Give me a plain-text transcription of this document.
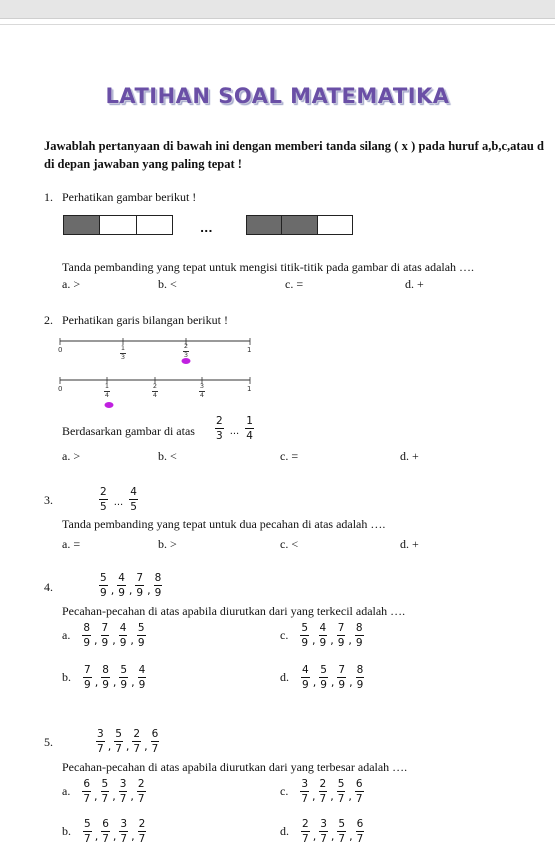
LATIHAN SOAL MATEMATIKA
Jawablah pertanyaan di bawah ini dengan memberi tanda silang ( x ) pada huruf a,b,c,atau d di depan jawaban yang paling tepat !
1. Perhatikan gambar berikut !
...
Tanda pembanding yang tepat untuk mengisi titik-titik pada gambar di atas adalah ….
a. >	b. <	c. =	d. +
2. Perhatikan garis bilangan berikut !
0	1
3
2
3
1
0	1
4
2
4
3
4
1
Berdasarkan gambar di atas $\frac{2}{3}$ ... $\frac{1}{4}$
a. >	b. <	c. =	d. +
3.	$\frac{2}{5}$ ... $\frac{4}{5}$
Tanda pembanding yang tepat untuk dua pecahan di atas adalah ….
a. =	b. >	c. <	d. +
4.	$\frac{5}{9}$ , $\frac{4}{9}$ , $\frac{7}{9}$ , $\frac{8}{9}$
Pecahan-pecahan di atas apabila diurutkan dari yang terkecil adalah ….
a. $\frac{8}{9}$ , $\frac{7}{9}$ , $\frac{4}{9}$ , $\frac{5}{9}$	c. $\frac{5}{9}$ , $\frac{4}{9}$ , $\frac{7}{9}$ , $\frac{8}{9}$
b. $\frac{7}{9}$ , $\frac{8}{9}$ , $\frac{5}{9}$ , $\frac{4}{9}$	d. $\frac{4}{9}$ , $\frac{5}{9}$ , $\frac{7}{9}$ , $\frac{8}{9}$
5.	$\frac{3}{7}$ , $\frac{5}{7}$ , $\frac{2}{7}$ , $\frac{6}{7}$
Pecahan-pecahan di atas apabila diurutkan dari yang terbesar adalah ….
a. $\frac{6}{7}$ , $\frac{5}{7}$ , $\frac{3}{7}$ , $\frac{2}{7}$	c. $\frac{3}{7}$ , $\frac{2}{7}$ , $\frac{5}{7}$ , $\frac{6}{7}$
b. $\frac{5}{7}$ , $\frac{6}{7}$ , $\frac{3}{7}$ , $\frac{2}{7}$	d. $\frac{2}{7}$ , $\frac{3}{7}$ , $\frac{5}{7}$ , $\frac{6}{7}$
